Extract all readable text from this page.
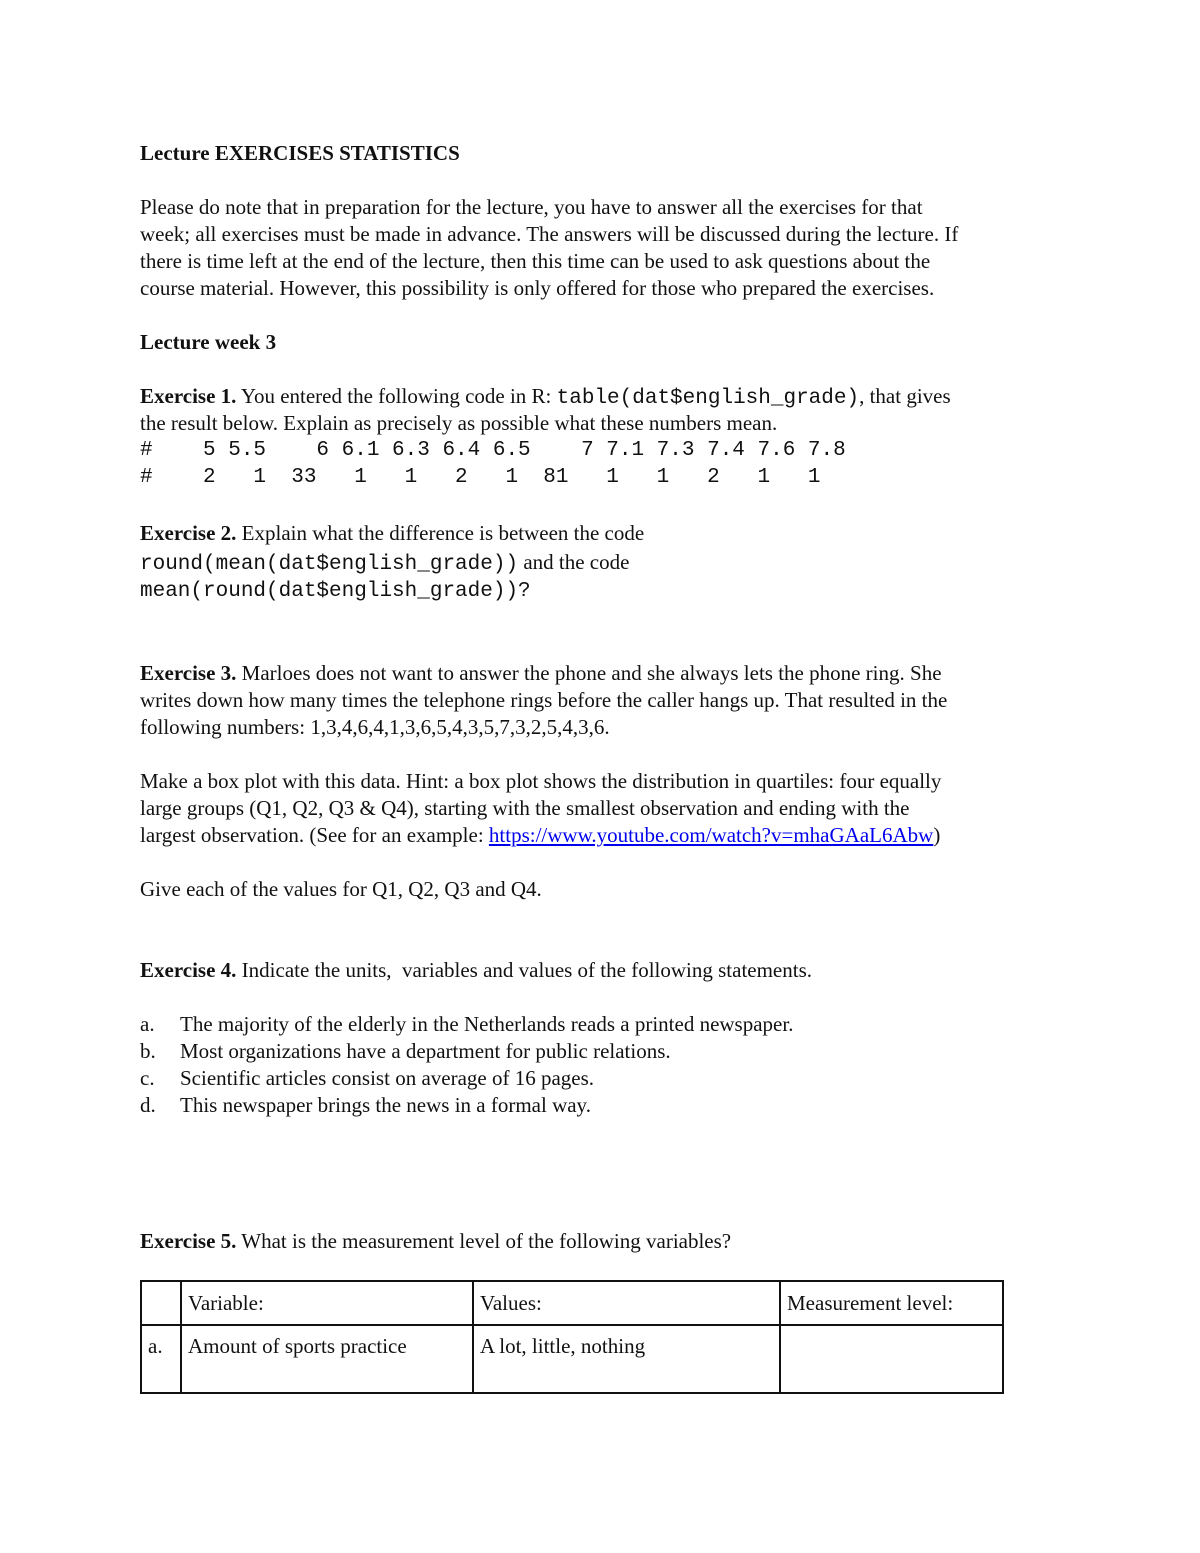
Lecture EXERCISES STATISTICS
Please do note that in preparation for the lecture, you have to answer all the exercises for that
week; all exercises must be made in advance. The answers will be discussed during the lecture. If
there is time left at the end of the lecture, then this time can be used to ask questions about the
course material. However, this possibility is only offered for those who prepared the exercises.
Lecture week 3
Exercise 1. You entered the following code in R: table(dat$english_grade), that gives
the result below. Explain as precisely as possible what these numbers mean.
#    5 5.5    6 6.1 6.3 6.4 6.5    7 7.1 7.3 7.4 7.6 7.8
#    2   1  33   1   1   2   1  81   1   1   2   1   1
Exercise 2. Explain what the difference is between the code
round(mean(dat$english_grade)) and the code
mean(round(dat$english_grade))?
Exercise 3. Marloes does not want to answer the phone and she always lets the phone ring. She
writes down how many times the telephone rings before the caller hangs up. That resulted in the
following numbers: 1,3,4,6,4,1,3,6,5,4,3,5,7,3,2,5,4,3,6.
Make a box plot with this data. Hint: a box plot shows the distribution in quartiles: four equally
large groups (Q1, Q2, Q3 & Q4), starting with the smallest observation and ending with the
largest observation. (See for an example: https://www.youtube.com/watch?v=mhaGAaL6Abw)
Give each of the values for Q1, Q2, Q3 and Q4.
Exercise 4. Indicate the units,  variables and values of the following statements.
a. The majority of the elderly in the Netherlands reads a printed newspaper.
b. Most organizations have a department for public relations.
c. Scientific articles consist on average of 16 pages.
d. This newspaper brings the news in a formal way.
Exercise 5. What is the measurement level of the following variables?
	Variable:	Values:	Measurement level:
a.	Amount of sports practice	A lot, little, nothing	
